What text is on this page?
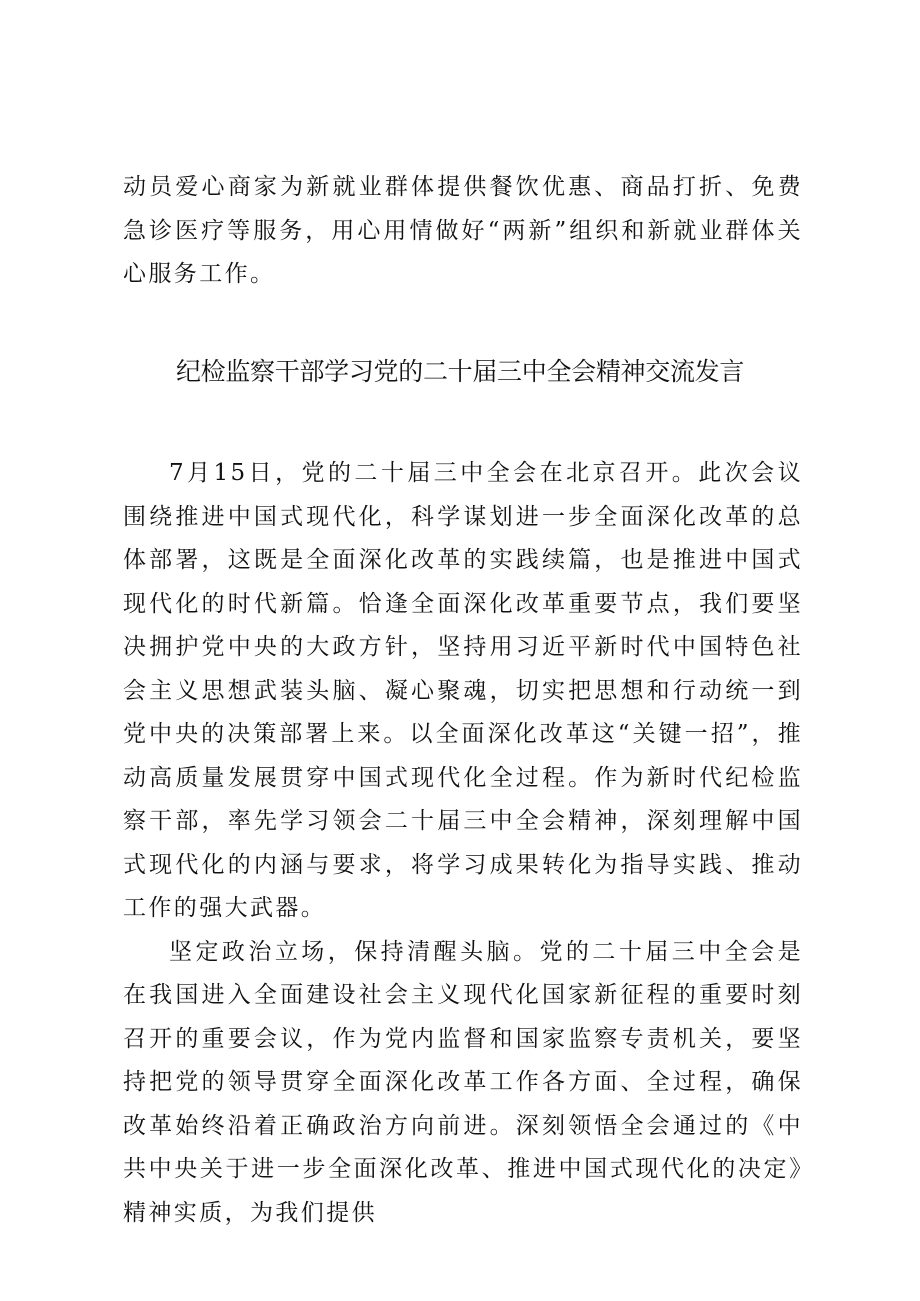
动员爱心商家为新就业群体提供餐饮优惠、商品打折、免费急诊医疗等服务，用心用情做好“两新”组织和新就业群体关心服务工作。

纪检监察干部学习党的二十届三中全会精神交流发言

7月15日，党的二十届三中全会在北京召开。此次会议围绕推进中国式现代化，科学谋划进一步全面深化改革的总体部署，这既是全面深化改革的实践续篇，也是推进中国式现代化的时代新篇。恰逢全面深化改革重要节点，我们要坚决拥护党中央的大政方针，坚持用习近平新时代中国特色社会主义思想武装头脑、凝心聚魂，切实把思想和行动统一到党中央的决策部署上来。以全面深化改革这“关键一招”，推动高质量发展贯穿中国式现代化全过程。作为新时代纪检监察干部，率先学习领会二十届三中全会精神，深刻理解中国式现代化的内涵与要求，将学习成果转化为指导实践、推动工作的强大武器。

坚定政治立场，保持清醒头脑。党的二十届三中全会是在我国进入全面建设社会主义现代化国家新征程的重要时刻召开的重要会议，作为党内监督和国家监察专责机关，要坚持把党的领导贯穿全面深化改革工作各方面、全过程，确保改革始终沿着正确政治方向前进。深刻领悟全会通过的《中共中央关于进一步全面深化改革、推进中国式现代化的决定》精神实质，为我们提供
